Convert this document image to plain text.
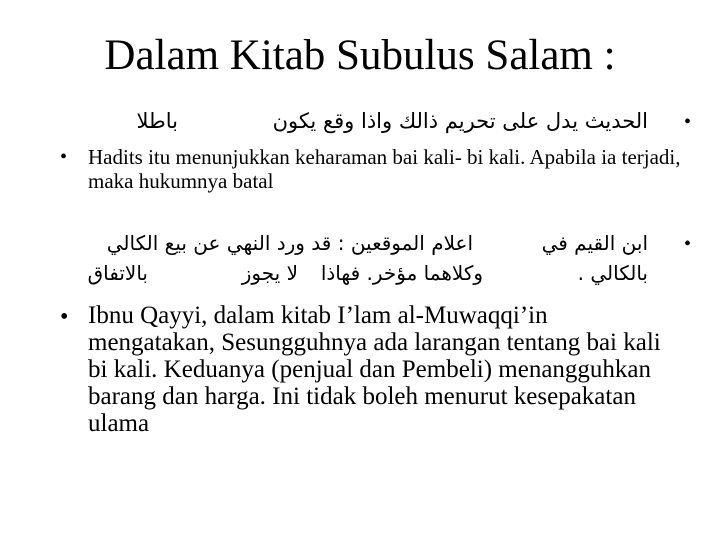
Dalam Kitab Subulus Salam :
•
الحديث يدل على تحريم ذالك واذا وقع يكون
باطلا
• Hadits itu menunjukkan keharaman bai kali- bi kali. Apabila ia terjadi, maka hukumnya batal
•
ابن القيم في
اعلام الموقعين : قد ورد النهي عن بيع الكالي
بالكالي .
وكلاهما مؤخر. فهاذا
لا يجوز
بالاتفاق
• Ibnu Qayyi, dalam kitab I’lam al-Muwaqqi’in mengatakan, Sesungguhnya ada larangan tentang bai kali bi kali. Keduanya (penjual dan Pembeli) menangguhkan barang dan harga. Ini tidak boleh menurut kesepakatan ulama
